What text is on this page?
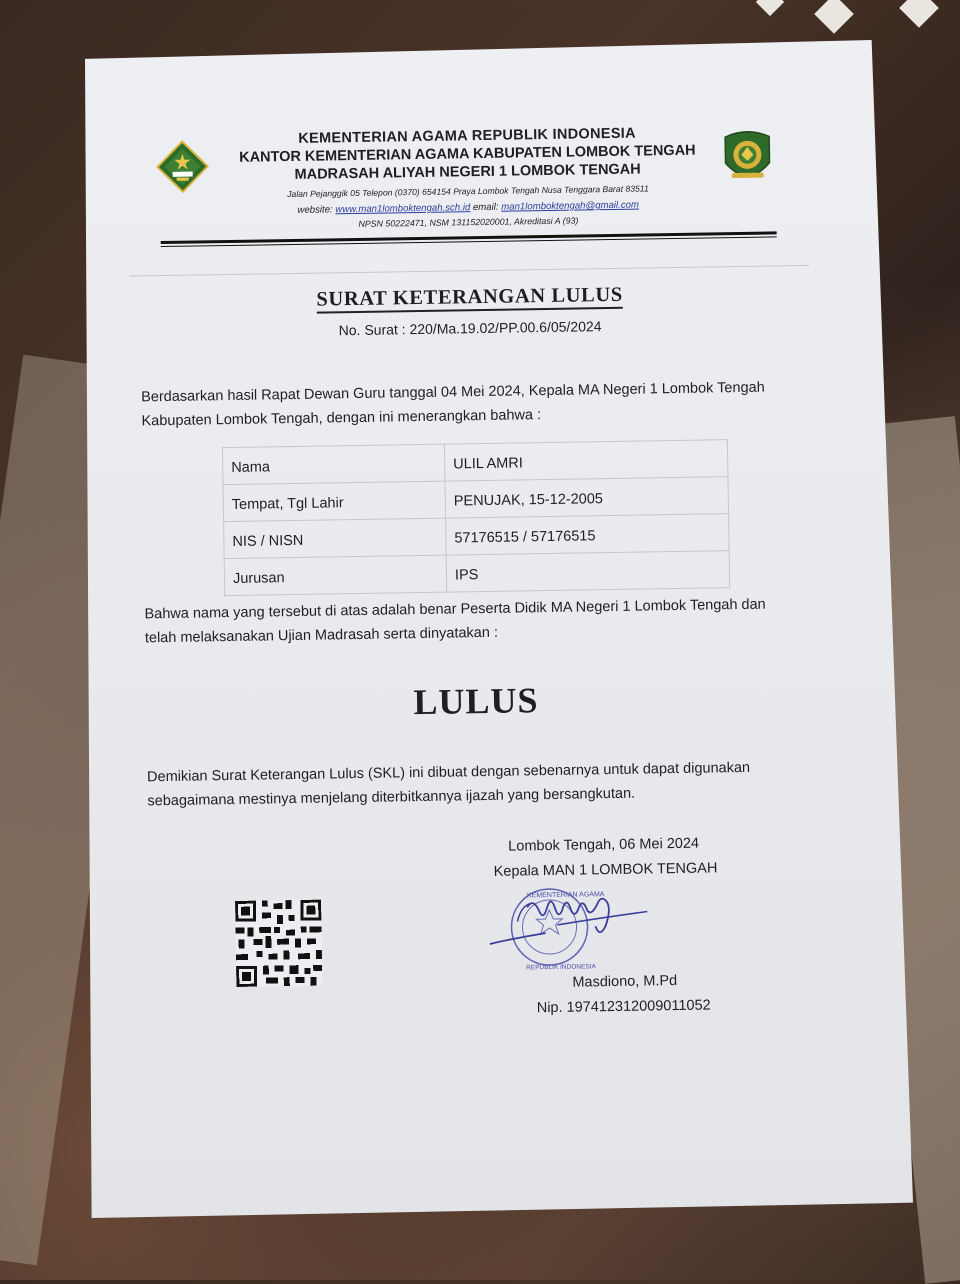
KEMENTERIAN AGAMA REPUBLIK INDONESIA
KANTOR KEMENTERIAN AGAMA KABUPATEN LOMBOK TENGAH
MADRASAH ALIYAH NEGERI 1 LOMBOK TENGAH
Jalan Pejanggik 05 Telepon (0370) 654154 Praya Lombok Tengah Nusa Tenggara Barat 83511
website: www.man1lomboktengah.sch.id email: man1lomboktengah@gmail.com
NPSN 50222471, NSM 131152020001, Akreditasi A (93)
SURAT KETERANGAN LULUS
No. Surat : 220/Ma.19.02/PP.00.6/05/2024
Berdasarkan hasil Rapat Dewan Guru tanggal 04 Mei 2024, Kepala MA Negeri 1 Lombok Tengah Kabupaten Lombok Tengah, dengan ini menerangkan bahwa :
Nama	ULIL AMRI
Tempat, Tgl Lahir	PENUJAK, 15-12-2005
NIS / NISN	57176515 / 57176515
Jurusan	IPS
Bahwa nama yang tersebut di atas adalah benar Peserta Didik MA Negeri 1 Lombok Tengah dan telah melaksanakan Ujian Madrasah serta dinyatakan :
LULUS
Demikian Surat Keterangan Lulus (SKL) ini dibuat dengan sebenarnya untuk dapat digunakan sebagaimana mestinya menjelang diterbitkannya ijazah yang bersangkutan.
Lombok Tengah, 06 Mei 2024
Kepala MAN 1 LOMBOK TENGAH
KEMENTERIAN AGAMA
REPUBLIK INDONESIA
Masdiono, M.Pd
Nip. 197412312009011052
